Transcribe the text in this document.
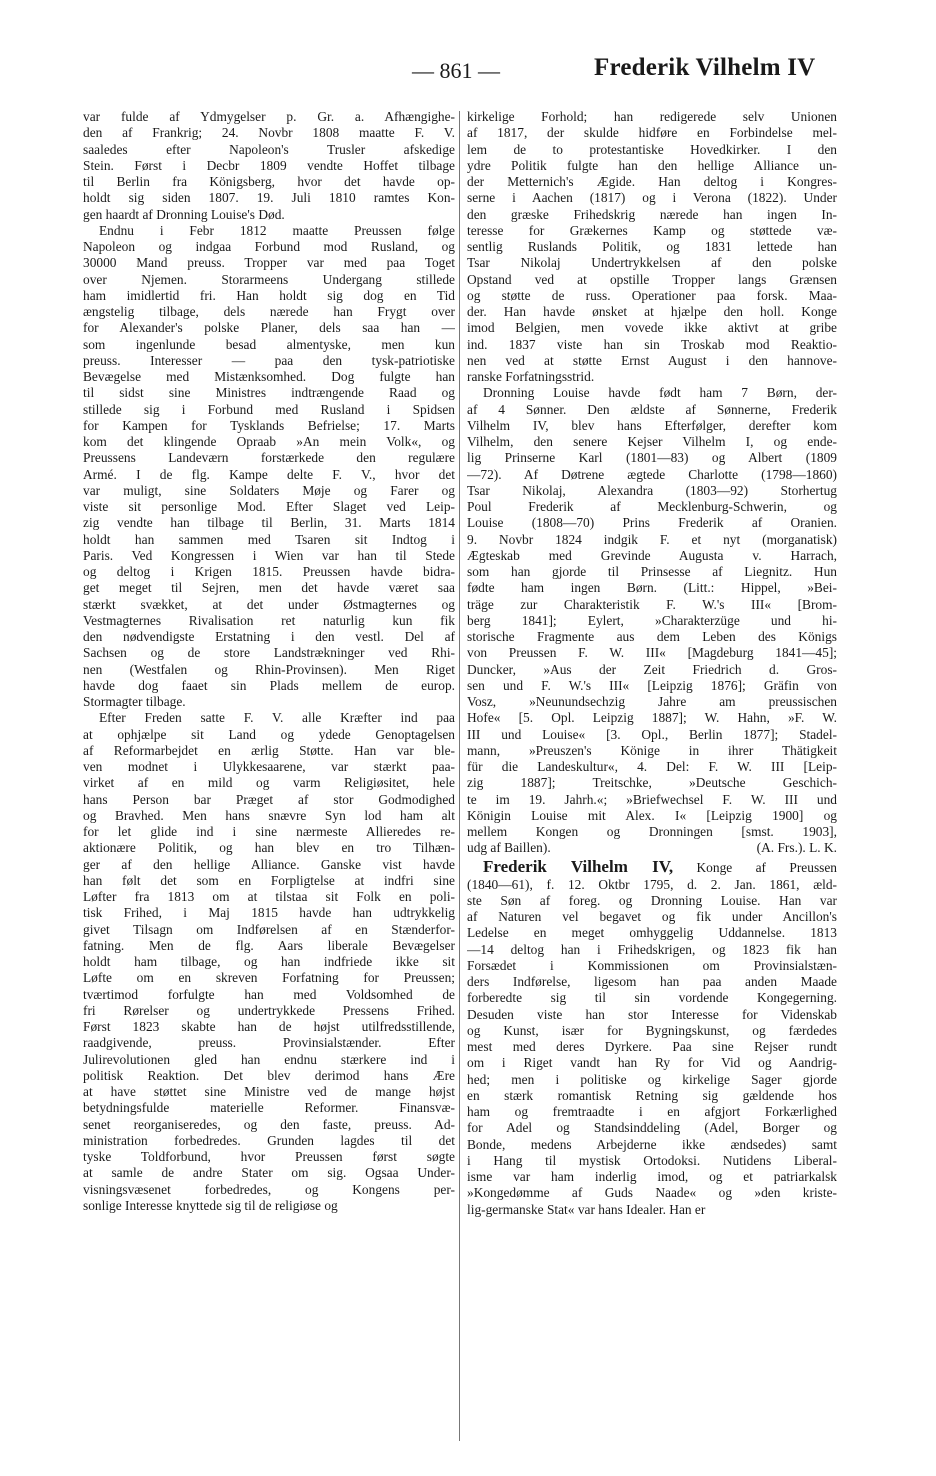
— 861 —	Frederik Vilhelm IV
var fulde af Ydmygelser p. Gr. a. Afhængighe-
den af Frankrig; 24. Novbr 1808 maatte F. V.
saaledes efter Napoleon's Trusler afskedige
Stein. Først i Decbr 1809 vendte Hoffet tilbage
til Berlin fra Königsberg, hvor det havde op-
holdt sig siden 1807. 19. Juli 1810 ramtes Kon-
gen haardt af Dronning Louise's Død.
Endnu i Febr 1812 maatte Preussen følge
Napoleon og indgaa Forbund mod Rusland, og
30000 Mand preuss. Tropper var med paa Toget
over Njemen. Storarmeens Undergang stillede
ham imidlertid fri. Han holdt sig dog en Tid
ængstelig tilbage, dels nærede han Frygt over
for Alexander's polske Planer, dels saa han —
som ingenlunde besad almentyske, men kun
preuss. Interesser — paa den tysk-patriotiske
Bevægelse med Mistænksomhed. Dog fulgte han
til sidst sine Ministres indtrængende Raad og
stillede sig i Forbund med Rusland i Spidsen
for Kampen for Tysklands Befrielse; 17. Marts
kom det klingende Opraab »An mein Volk«, og
Preussens Landeværn forstærkede den regulære
Armé. I de flg. Kampe delte F. V., hvor det
var muligt, sine Soldaters Møje og Farer og
viste sit personlige Mod. Efter Slaget ved Leip-
zig vendte han tilbage til Berlin, 31. Marts 1814
holdt han sammen med Tsaren sit Indtog i
Paris. Ved Kongressen i Wien var han til Stede
og deltog i Krigen 1815. Preussen havde bidra-
get meget til Sejren, men det havde været saa
stærkt svækket, at det under Østmagternes og
Vestmagternes Rivalisation ret naturlig kun fik
den nødvendigste Erstatning i den vestl. Del af
Sachsen og de store Landstrækninger ved Rhi-
nen (Westfalen og Rhin-Provinsen). Men Riget
havde dog faaet sin Plads mellem de europ.
Stormagter tilbage.
Efter Freden satte F. V. alle Kræfter ind paa
at ophjælpe sit Land og ydede Genoptagelsen
af Reformarbejdet en ærlig Støtte. Han var ble-
ven modnet i Ulykkesaarene, var stærkt paa-
virket af en mild og varm Religiøsitet, hele
hans Person bar Præget af stor Godmodighed
og Bravhed. Men hans snævre Syn lod ham alt
for let glide ind i sine nærmeste Allieredes re-
aktionære Politik, og han blev en tro Tilhæn-
ger af den hellige Alliance. Ganske vist havde
han følt det som en Forpligtelse at indfri sine
Løfter fra 1813 om at tilstaa sit Folk en poli-
tisk Frihed, i Maj 1815 havde han udtrykkelig
givet Tilsagn om Indførelsen af en Stænderfor-
fatning. Men de flg. Aars liberale Bevægelser
holdt ham tilbage, og han indfriede ikke sit
Løfte om en skreven Forfatning for Preussen;
tværtimod forfulgte han med Voldsomhed de
fri Rørelser og undertrykkede Pressens Frihed.
Først 1823 skabte han de højst utilfredsstillende,
raadgivende, preuss. Provinsialstænder. Efter
Julirevolutionen gled han endnu stærkere ind i
politisk Reaktion. Det blev derimod hans Ære
at have støttet sine Ministre ved de mange højst
betydningsfulde materielle Reformer. Finansvæ-
senet reorganiseredes, og den faste, preuss. Ad-
ministration forbedredes. Grunden lagdes til det
tyske Toldforbund, hvor Preussen først søgte
at samle de andre Stater om sig. Ogsaa Under-
visningsvæsenet forbedredes, og Kongens per-
sonlige Interesse knyttede sig til de religiøse og
kirkelige Forhold; han redigerede selv Unionen
af 1817, der skulde hidføre en Forbindelse mel-
lem de to protestantiske Hovedkirker. I den
ydre Politik fulgte han den hellige Alliance un-
der Metternich's Ægide. Han deltog i Kongres-
serne i Aachen (1817) og i Verona (1822). Under
den græske Frihedskrig nærede han ingen In-
teresse for Grækernes Kamp og støttede væ-
sentlig Ruslands Politik, og 1831 lettede han
Tsar Nikolaj Undertrykkelsen af den polske
Opstand ved at opstille Tropper langs Grænsen
og støtte de russ. Operationer paa forsk. Maa-
der. Han havde ønsket at hjælpe den holl. Konge
imod Belgien, men vovede ikke aktivt at gribe
ind. 1837 viste han sin Troskab mod Reaktio-
nen ved at støtte Ernst August i den hannove-
ranske Forfatningsstrid.
Dronning Louise havde født ham 7 Børn, der-
af 4 Sønner. Den ældste af Sønnerne, Frederik
Vilhelm IV, blev hans Efterfølger, derefter kom
Vilhelm, den senere Kejser Vilhelm I, og ende-
lig Prinserne Karl (1801—83) og Albert (1809
—72). Af Døtrene ægtede Charlotte (1798—1860)
Tsar Nikolaj, Alexandra (1803—92) Storhertug
Poul Frederik af Mecklenburg-Schwerin, og
Louise (1808—70) Prins Frederik af Oranien.
9. Novbr 1824 indgik F. et nyt (morganatisk)
Ægteskab med Grevinde Augusta v. Harrach,
som han gjorde til Prinsesse af Liegnitz. Hun
fødte ham ingen Børn. (Litt.: Hippel, »Bei-
träge zur Charakteristik F. W.'s III« [Brom-
berg 1841]; Eylert, »Charakterzüge und hi-
storische Fragmente aus dem Leben des Königs
von Preussen F. W. III« [Magdeburg 1841—45];
Duncker, »Aus der Zeit Friedrich d. Gros-
sen und F. W.'s III« [Leipzig 1876]; Gräfin von
Vosz, »Neunundsechzig Jahre am preussischen
Hofe« [5. Opl. Leipzig 1887]; W. Hahn, »F. W.
III und Louise« [3. Opl., Berlin 1877]; Stadel-
mann, »Preuszen's Könige in ihrer Thätigkeit
für die Landeskultur«, 4. Del: F. W. III [Leip-
zig 1887]; Treitschke, »Deutsche Geschich-
te im 19. Jahrh.«; »Briefwechsel F. W. III und
Königin Louise mit Alex. I« [Leipzig 1900] og
mellem Kongen og Dronningen [smst. 1903],
udg af Baillen).	(A. Frs.). L. K.
Frederik Vilhelm IV, Konge af Preussen
(1840—61), f. 12. Oktbr 1795, d. 2. Jan. 1861, æld-
ste Søn af foreg. og Dronning Louise. Han var
af Naturen vel begavet og fik under Ancillon's
Ledelse en meget omhyggelig Uddannelse. 1813
—14 deltog han i Frihedskrigen, og 1823 fik han
Forsædet i Kommissionen om Provinsialstæn-
ders Indførelse, ligesom han paa anden Maade
forberedte sig til sin vordende Kongegerning.
Desuden viste han stor Interesse for Videnskab
og Kunst, især for Bygningskunst, og færdedes
mest med deres Dyrkere. Paa sine Rejser rundt
om i Riget vandt han Ry for Vid og Aandrig-
hed; men i politiske og kirkelige Sager gjorde
en stærk romantisk Retning sig gældende hos
ham og fremtraadte i en afgjort Forkærlighed
for Adel og Standsinddeling (Adel, Borger og
Bonde, medens Arbejderne ikke ændsedes) samt
i Hang til mystisk Ortodoksi. Nutidens Liberal-
isme var ham inderlig imod, og et patriarkalsk
»Kongedømme af Guds Naade« og »den kriste-
lig-germanske Stat« var hans Idealer. Han er
